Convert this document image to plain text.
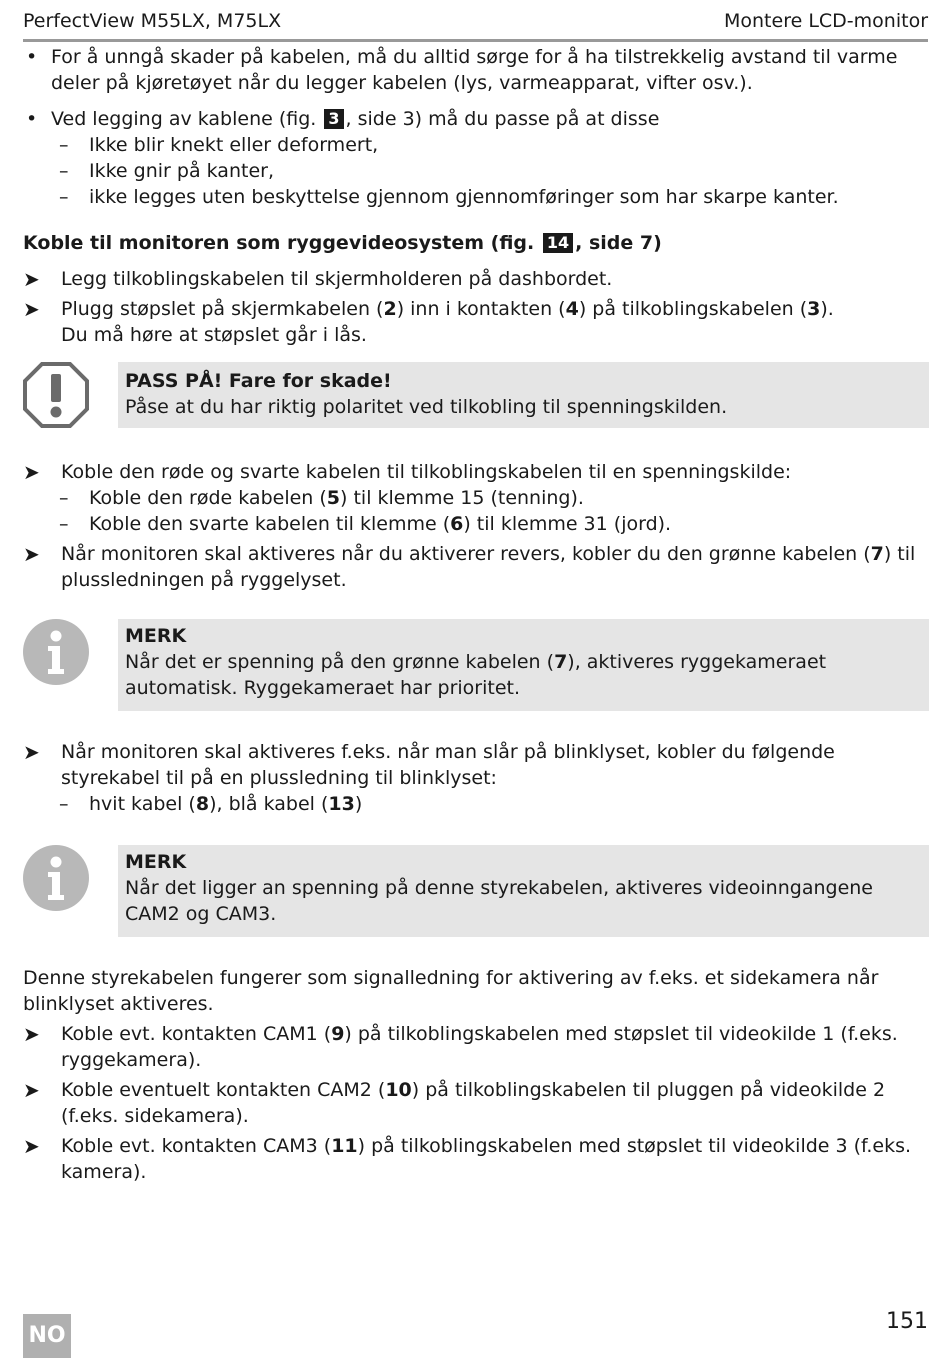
PerfectView M55LX, M75LX	Montere LCD-monitor
• For å unngå skader på kabelen, må du alltid sørge for å ha tilstrekkelig avstand til varme deler på kjøretøyet når du legger kabelen (lys, varmeapparat, vifter osv.).
• Ved legging av kablene (fig. 3 , side 3) må du passe på at disse
– Ikke blir knekt eller deformert,
– Ikke gnir på kanter,
– ikke legges uten beskyttelse gjennom gjennomføringer som har skarpe kanter.
Koble til monitoren som ryggevideosystem (fig. 14 , side 7)
➤ Legg tilkoblingskabelen til skjermholderen på dashbordet.
➤ Plugg støpslet på skjermkabelen (2) inn i kontakten (4) på tilkoblingskabelen (3).
Du må høre at støpslet går i lås.
PASS PÅ! Fare for skade!
Påse at du har riktig polaritet ved tilkobling til spenningskilden.
➤ Koble den røde og svarte kabelen til tilkoblingskabelen til en spenningskilde:
– Koble den røde kabelen (5) til klemme 15 (tenning).
– Koble den svarte kabelen til klemme (6) til klemme 31 (jord).
➤ Når monitoren skal aktiveres når du aktiverer revers, kobler du den grønne kabelen (7) til plussledningen på ryggelyset.
MERK
Når det er spenning på den grønne kabelen (7), aktiveres ryggekameraet automatisk. Ryggekameraet har prioritet.
➤ Når monitoren skal aktiveres f.eks. når man slår på blinklyset, kobler du følgende styrekabel til på en plussledning til blinklyset:
– hvit kabel (8), blå kabel (13)
MERK
Når det ligger an spenning på denne styrekabelen, aktiveres videoinngangene CAM2 og CAM3.
Denne styrekabelen fungerer som signalledning for aktivering av f.eks. et sidekamera når blinklyset aktiveres.
➤ Koble evt. kontakten CAM1 (9) på tilkoblingskabelen med støpslet til videokilde 1 (f.eks. ryggekamera).
➤ Koble eventuelt kontakten CAM2 (10) på tilkoblingskabelen til pluggen på videokilde 2 (f.eks. sidekamera).
➤ Koble evt. kontakten CAM3 (11) på tilkoblingskabelen med støpslet til videokilde 3 (f.eks. kamera).
NO
151
